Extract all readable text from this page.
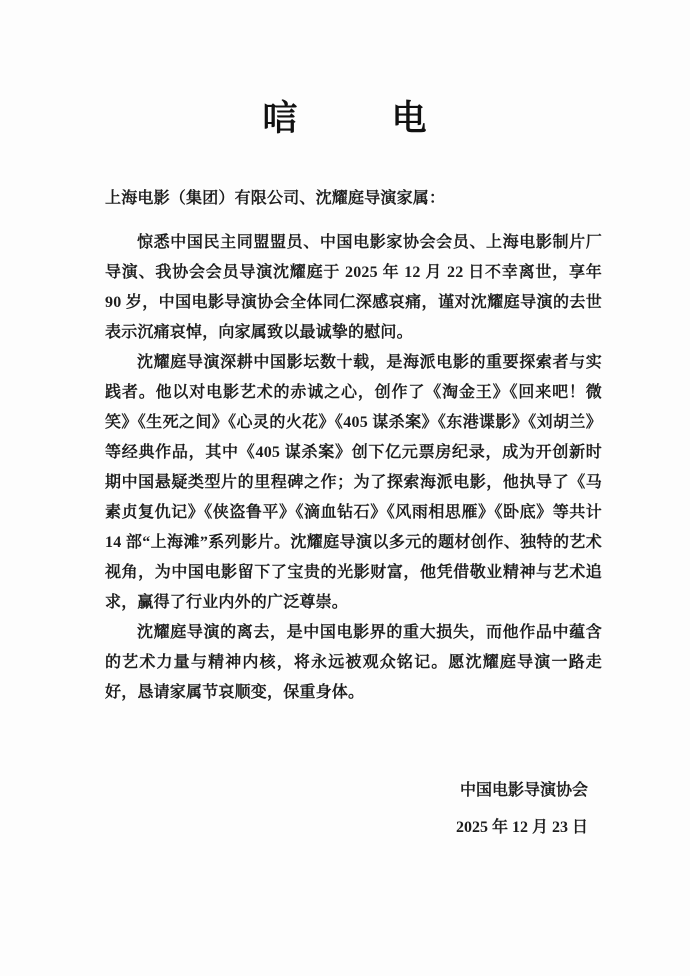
唁电
上海电影（集团）有限公司、沈耀庭导演家属：

惊悉中国民主同盟盟员、中国电影家协会会员、上海电影制片厂导演、我协会会员导演沈耀庭于 2025 年 12 月 22 日不幸离世，享年 90 岁，中国电影导演协会全体同仁深感哀痛，谨对沈耀庭导演的去世表示沉痛哀悼，向家属致以最诚挚的慰问。

沈耀庭导演深耕中国影坛数十载，是海派电影的重要探索者与实践者。他以对电影艺术的赤诚之心，创作了《淘金王》《回来吧！微笑》《生死之间》《心灵的火花》《405 谋杀案》《东港谍影》《刘胡兰》等经典作品，其中《405 谋杀案》创下亿元票房纪录，成为开创新时期中国悬疑类型片的里程碑之作；为了探索海派电影，他执导了《马素贞复仇记》《侠盗鲁平》《滴血钻石》《风雨相思雁》《卧底》等共计 14 部“上海滩”系列影片。沈耀庭导演以多元的题材创作、独特的艺术视角，为中国电影留下了宝贵的光影财富，他凭借敬业精神与艺术追求，赢得了行业内外的广泛尊崇。

沈耀庭导演的离去，是中国电影界的重大损失，而他作品中蕴含的艺术力量与精神内核，将永远被观众铭记。愿沈耀庭导演一路走好，恳请家属节哀顺变，保重身体。

中国电影导演协会
2025 年 12 月 23 日
